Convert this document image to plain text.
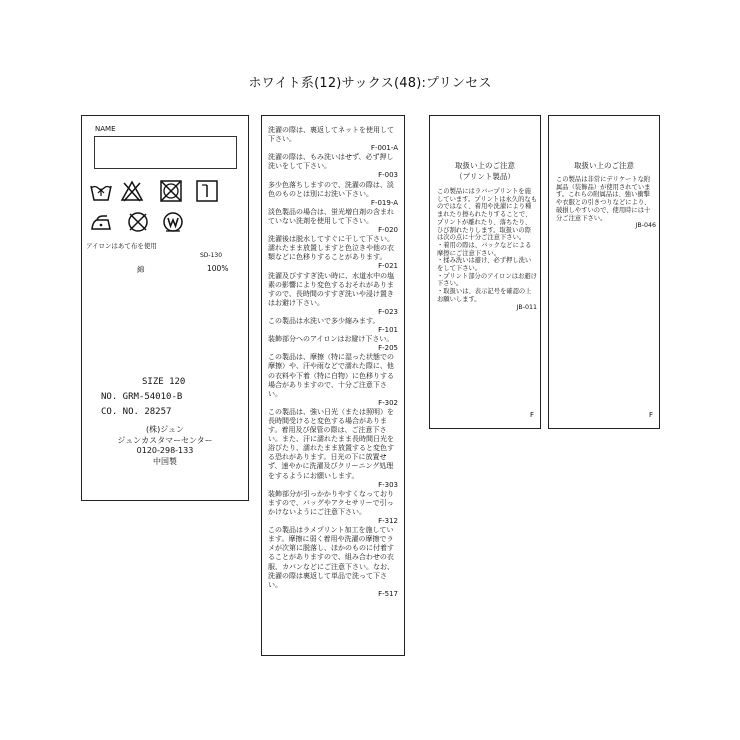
ホワイト系(12)サックス(48):プリンセス
NAME
アイロンはあて布を使用
SD-130
綿	100%
SIZE 120
NO. GRM-54010-B
CO. NO. 28257
(株)ジュン
ジュンカスタマーセンター
0120-298-133
中国製
洗濯の際は、裏返してネットを使用して下さい。
F-001-A
洗濯の際は、もみ洗いはせず、必ず押し洗いをして下さい。
F-003
多少色落ちしますので、洗濯の際は、淡色のものとは別にお洗い下さい。
F-019-A
淡色製品の場合は、蛍光増白剤の含まれていない洗剤を使用して下さい。
F-020
洗濯後は脱水してすぐに干して下さい。濡れたまま放置しますと色泣きや他の衣類などに色移りすることがあります。
F-021
洗濯及びすすぎ洗い時に、水道水中の塩素の影響により変色するおそれがありますので、長時間のすすぎ洗いや浸け置きはお避け下さい。
F-023
この製品は水洗いで多少縮みます。
F-101
装飾部分へのアイロンはお避け下さい。
F-205
この製品は、摩擦（特に湿った状態での摩擦）や、汗や雨などで濡れた際に、他の衣料や下着（特に白物）に色移りする場合がありますので、十分ご注意下さい。
F-302
この製品は、強い日光（または照明）を長時間受けると変色する場合があります。着用及び保管の際は、ご注意下さい。また、汗に濡れたまま長時間日光を浴びたり、濡れたまま放置すると変色する恐れがあります。日光の下に放置せず、速やかに洗濯及びクリーニング処理をするようにお願いします。
F-303
装飾部分が引っかかりやすくなっておりますので、バッグやアクセサリーで引っかけないようにご注意下さい。
F-312
この製品はラメプリント加工を施しています。摩擦に弱く着用や洗濯の摩擦でラメが次第に脱落し、ほかのものに付着することがありますので、組み合わせの衣服、カバンなどにご注意下さい。なお、洗濯の際は裏返して単品で洗って下さい。
F-517
取扱い上のご注意
（プリント製品）
この製品にはラバープリントを施しています。プリントは永久的なものではなく、着用や洗濯により種まれたり擦られたりすることで、プリントが離れたり、落ちたり、ひび割れたりします。取扱いの際は次の点に十分ご注意下さい。
・着用の際は、バックなどによる摩擦にご注意下さい。
・揉み洗いは避け、必ず押し洗いをして下さい。
・プリント部分のアイロンはお避け下さい。
・取扱いは、表示記号を確認の上お願いします。
JB-011
F
取扱い上のご注意
この製品は非常にデリケートな附属品（装飾品）が使用されています。これらの附属品は、強い衝撃や衣服との引きつりなどにより、破損しやすいので、使用時には十分ご注意下さい。
JB-046
F
